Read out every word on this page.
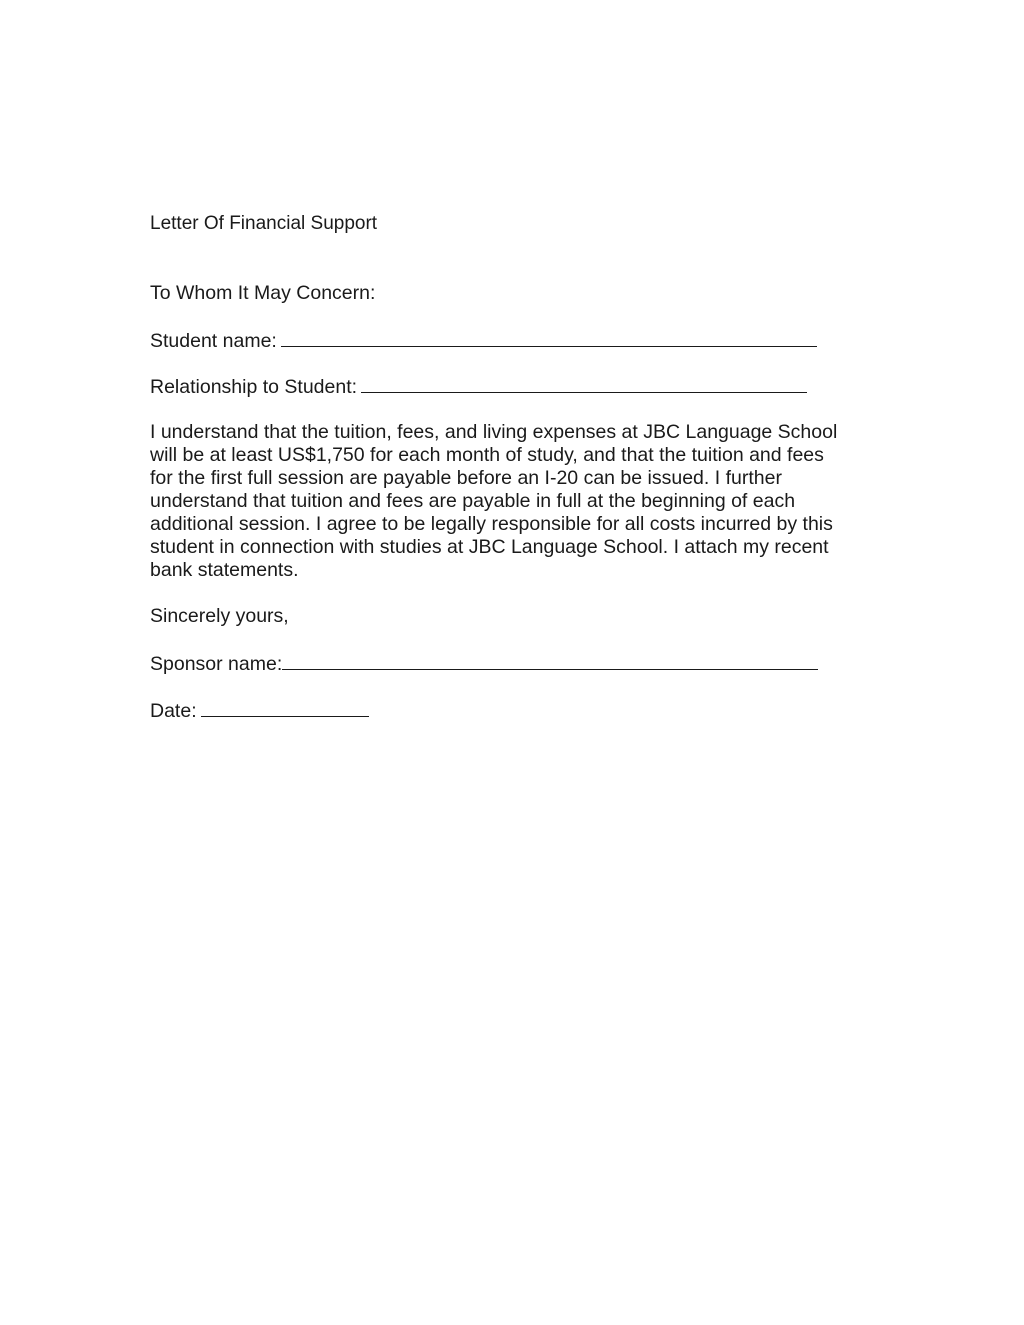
Letter Of Financial Support

To Whom It May Concern:

Student name:

Relationship to Student:

I understand that the tuition, fees, and living expenses at JBC Language School
will be at least US$1,750 for each month of study, and that the tuition and fees
for the first full session are payable before an I-20 can be issued. I further
understand that tuition and fees are payable in full at the beginning of each
additional session. I agree to be legally responsible for all costs incurred by this
student in connection with studies at JBC Language School. I attach my recent
bank statements.

Sincerely yours,

Sponsor name:

Date:
